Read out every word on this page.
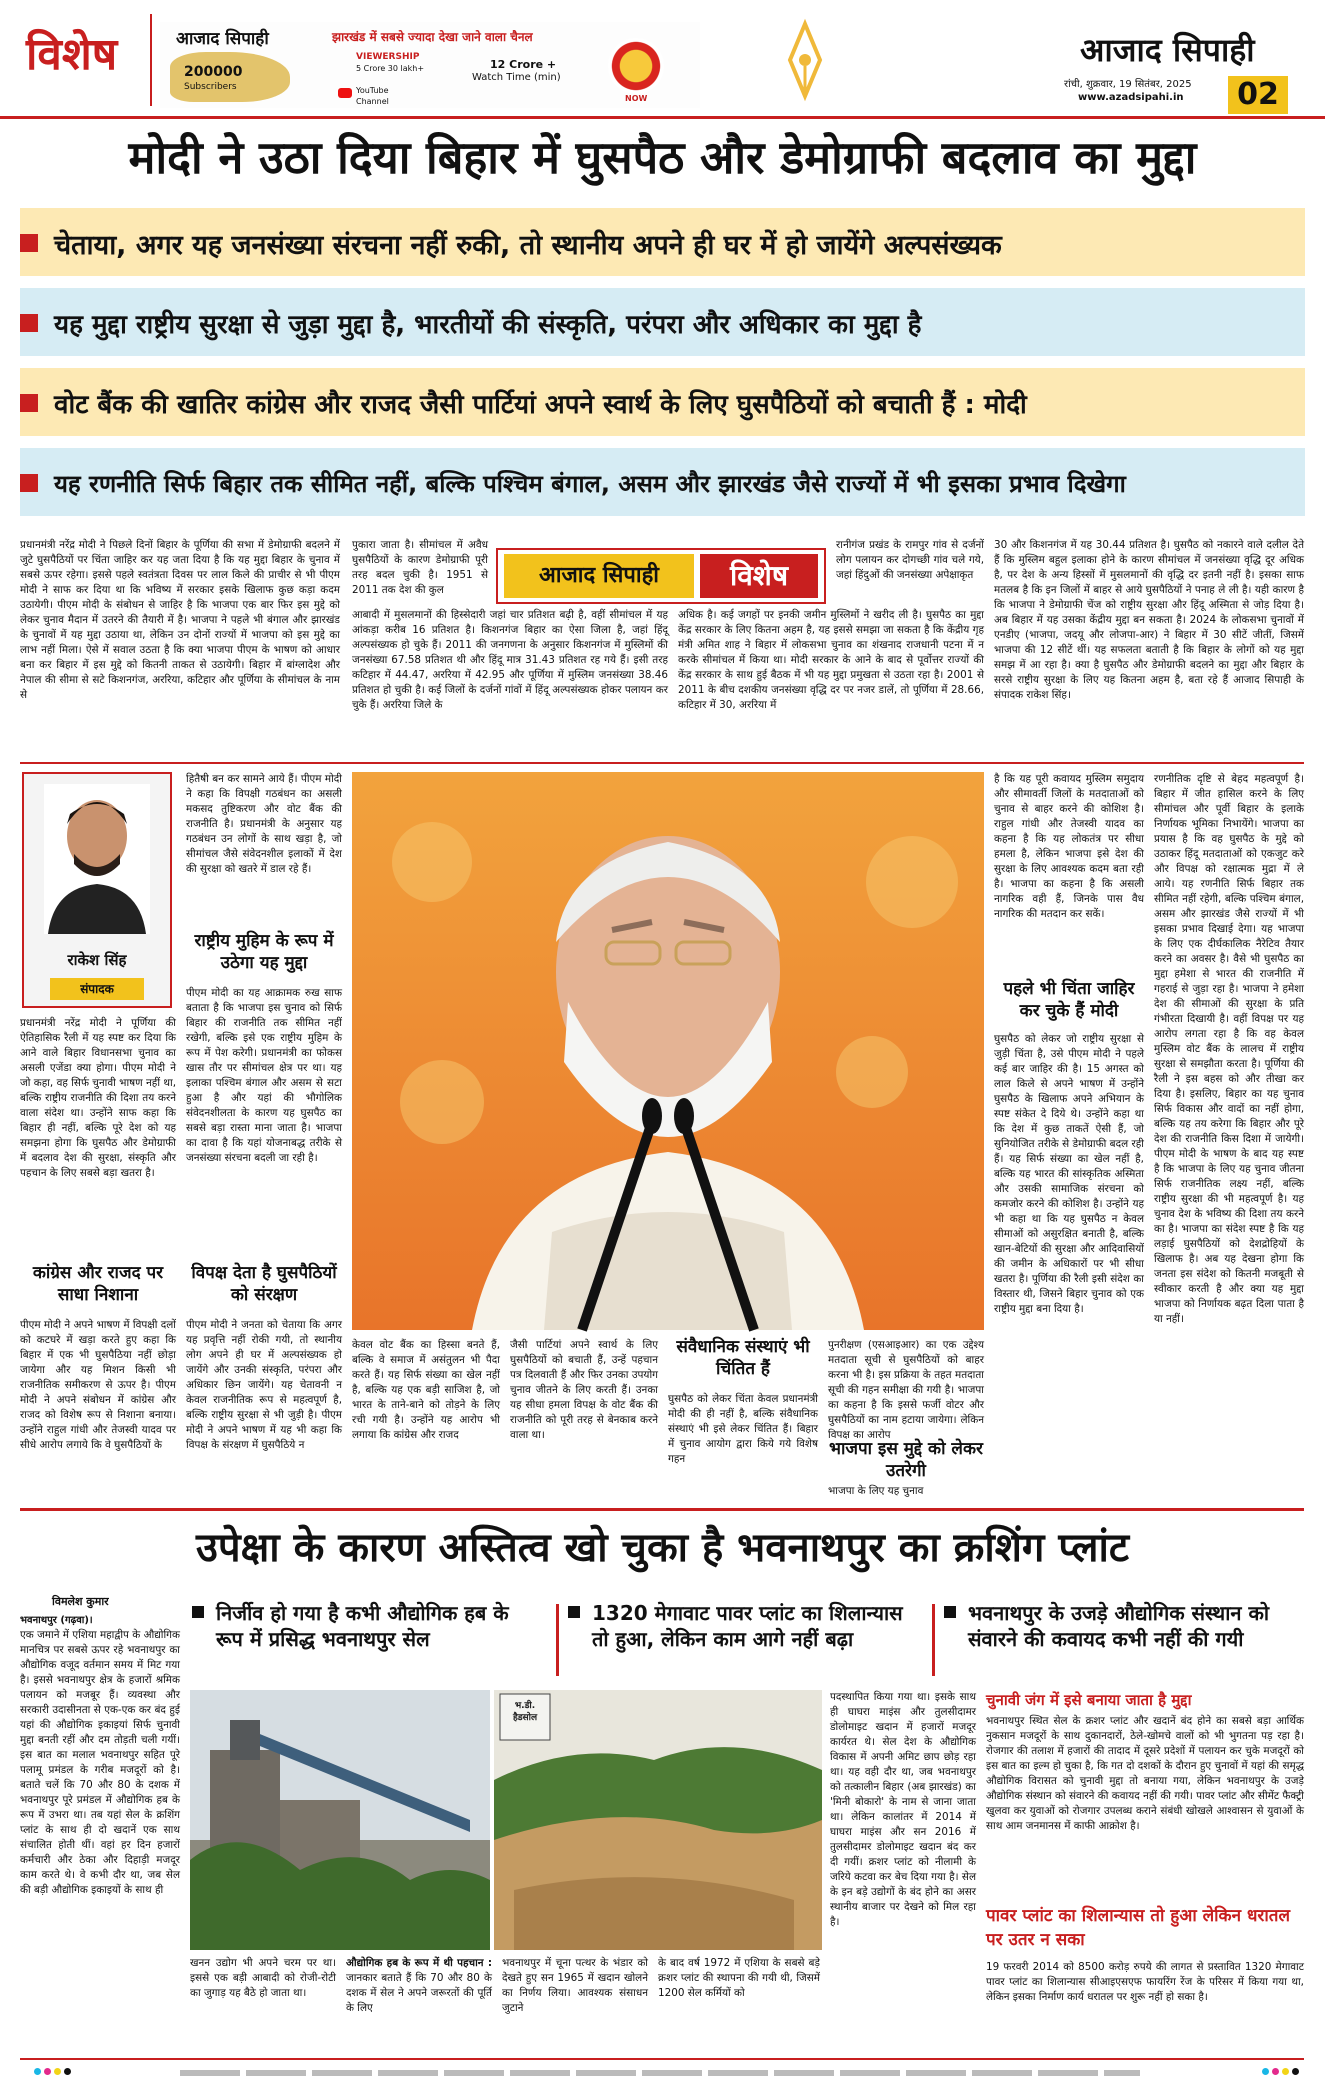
विशेष	आजाद सिपाही	झारखंड में सबसे ज्यादा देखा जाने वाला चैनल
200000
Subscribers
VIEWERSHIP
5 Crore 30 lakh+	12 Crore +
Watch Time (min)
YouTube
Channel	NOW
आजाद सिपाही
रांची, शुक्रवार, 19 सितंबर, 2025
www.azadsipahi.in	02
मोदी ने उठा दिया बिहार में घुसपैठ और डेमोग्राफी बदलाव का मुद्दा
चेताया, अगर यह जनसंख्या संरचना नहीं रुकी, तो स्थानीय अपने ही घर में हो जायेंगे अल्पसंख्यक
यह मुद्दा राष्ट्रीय सुरक्षा से जुड़ा मुद्दा है, भारतीयों की संस्कृति, परंपरा और अधिकार का मुद्दा है
वोट बैंक की खातिर कांग्रेस और राजद जैसी पार्टियां अपने स्वार्थ के लिए घुसपैठियों को बचाती हैं : मोदी
यह रणनीति सिर्फ बिहार तक सीमित नहीं, बल्कि पश्चिम बंगाल, असम और झारखंड जैसे राज्यों में भी इसका प्रभाव दिखेगा
प्रधानमंत्री नरेंद्र मोदी ने पिछले दिनों बिहार के पूर्णिया की सभा में डेमोग्राफी बदलने में जुटे घुसपैठियों पर चिंता जाहिर कर यह जता दिया है कि यह मुद्दा बिहार के चुनाव में सबसे ऊपर रहेगा। इससे पहले स्वतंत्रता दिवस पर लाल किले की प्राचीर से भी पीएम मोदी ने साफ कर दिया था कि भविष्य में सरकार इसके खिलाफ कुछ कड़ा कदम उठायेगी। पीएम मोदी के संबोधन से जाहिर है कि भाजपा एक बार फिर इस मुद्दे को लेकर चुनाव मैदान में उतरने की तैयारी में है। भाजपा ने पहले भी बंगाल और झारखंड के चुनावों में यह मुद्दा उठाया था, लेकिन उन दोनों राज्यों में भाजपा को इस मुद्दे का लाभ नहीं मिला। ऐसे में सवाल उठता है कि क्या भाजपा पीएम के भाषण को आधार बना कर बिहार में इस मुद्दे को कितनी ताकत से उठायेगी। बिहार में बांग्लादेश और नेपाल की सीमा से सटे किशनगंज, अररिया, कटिहार और पूर्णिया के सीमांचल के नाम से
पुकारा जाता है। सीमांचल में अवैध घुसपैठियों के कारण डेमोग्राफी पूरी तरह बदल चुकी है। 1951 से 2011 तक देश की कुल
आबादी में मुसलमानों की हिस्सेदारी जहां चार प्रतिशत बढ़ी है, वहीं सीमांचल में यह आंकड़ा करीब 16 प्रतिशत है। किशनगंज बिहार का ऐसा जिला है, जहां हिंदू अल्पसंख्यक हो चुके हैं। 2011 की जनगणना के अनुसार किशनगंज में मुस्लिमों की जनसंख्या 67.58 प्रतिशत थी और हिंदू मात्र 31.43 प्रतिशत रह गये हैं। इसी तरह कटिहार में 44.47, अररिया में 42.95 और पूर्णिया में मुस्लिम जनसंख्या 38.46 प्रतिशत हो चुकी है। कई जिलों के दर्जनों गांवों में हिंदू अल्पसंख्यक होकर पलायन कर चुके हैं। अररिया जिले के
आजाद सिपाही	विशेष
रानीगंज प्रखंड के रामपुर गांव से दर्जनों लोग पलायन कर दोगच्छी गांव चले गये, जहां हिंदुओं की जनसंख्या अपेक्षाकृत
अधिक है। कई जगहों पर इनकी जमीन मुस्लिमों ने खरीद ली है। घुसपैठ का मुद्दा केंद्र सरकार के लिए कितना अहम है, यह इससे समझा जा सकता है कि केंद्रीय गृह मंत्री अमित शाह ने बिहार में लोकसभा चुनाव का शंखनाद राजधानी पटना में न करके सीमांचल में किया था। मोदी सरकार के आने के बाद से पूर्वोत्तर राज्यों की केंद्र सरकार के साथ हुई बैठक में भी यह मुद्दा प्रमुखता से उठता रहा है। 2001 से 2011 के बीच दशकीय जनसंख्या वृद्धि दर पर नजर डालें, तो पूर्णिया में 28.66, कटिहार में 30, अररिया में
30 और किशनगंज में यह 30.44 प्रतिशत है। घुसपैठ को नकारने वाले दलील देते हैं कि मुस्लिम बहुल इलाका होने के कारण सीमांचल में जनसंख्या वृद्धि दूर अधिक है, पर देश के अन्य हिस्सों में मुसलमानों की वृद्धि दर इतनी नहीं है। इसका साफ मतलब है कि इन जिलों में बाहर से आये घुसपैठियों ने पनाह ले ली है। यही कारण है कि भाजपा ने डेमोग्राफी चेंज को राष्ट्रीय सुरक्षा और हिंदू अस्मिता से जोड़ दिया है। अब बिहार में यह उसका केंद्रीय मुद्दा बन सकता है। 2024 के लोकसभा चुनावों में एनडीए (भाजपा, जदयू और लोजपा-आर) ने बिहार में 30 सीटें जीतीं, जिसमें भाजपा की 12 सीटें थीं। यह सफलता बताती है कि बिहार के लोगों को यह मुद्दा समझ में आ रहा है। क्या है घुसपैठ और डेमोग्राफी बदलने का मुद्दा और बिहार के सरसे राष्ट्रीय सुरक्षा के लिए यह कितना अहम है, बता रहे हैं आजाद सिपाही के संपादक राकेश सिंह।
राकेश सिंह
संपादक
प्रधानमंत्री नरेंद्र मोदी ने पूर्णिया की ऐतिहासिक रैली में यह स्पष्ट कर दिया कि आने वाले बिहार विधानसभा चुनाव का असली एजेंडा क्या होगा। पीएम मोदी ने जो कहा, वह सिर्फ चुनावी भाषण नहीं था, बल्कि राष्ट्रीय राजनीति की दिशा तय करने वाला संदेश था। उन्होंने साफ कहा कि बिहार ही नहीं, बल्कि पूरे देश को यह समझना होगा कि घुसपैठ और डेमोग्राफी में बदलाव देश की सुरक्षा, संस्कृति और पहचान के लिए सबसे बड़ा खतरा है।
कांग्रेस और राजद पर साधा निशाना
पीएम मोदी ने अपने भाषण में विपक्षी दलों को कटघरे में खड़ा करते हुए कहा कि बिहार में एक भी घुसपैठिया नहीं छोड़ा जायेगा और यह मिशन किसी भी राजनीतिक समीकरण से ऊपर है। पीएम मोदी ने अपने संबोधन में कांग्रेस और राजद को विशेष रूप से निशाना बनाया। उन्होंने राहुल गांधी और तेजस्वी यादव पर सीधे आरोप लगाये कि वे घुसपैठियों के
हितैषी बन कर सामने आये हैं। पीएम मोदी ने कहा कि विपक्षी गठबंधन का असली मकसद तुष्टिकरण और वोट बैंक की राजनीति है। प्रधानमंत्री के अनुसार यह गठबंधन उन लोगों के साथ खड़ा है, जो सीमांचल जैसे संवेदनशील इलाकों में देश की सुरक्षा को खतरे में डाल रहे हैं।
राष्ट्रीय मुहिम के रूप में उठेगा यह मुद्दा
पीएम मोदी का यह आक्रामक रुख साफ बताता है कि भाजपा इस चुनाव को सिर्फ बिहार की राजनीति तक सीमित नहीं रखेगी, बल्कि इसे एक राष्ट्रीय मुहिम के रूप में पेश करेगी। प्रधानमंत्री का फोकस खास तौर पर सीमांचल क्षेत्र पर था। यह इलाका पश्चिम बंगाल और असम से सटा हुआ है और यहां की भौगोलिक संवेदनशीलता के कारण यह घुसपैठ का सबसे बड़ा रास्ता माना जाता है। भाजपा का दावा है कि यहां योजनाबद्ध तरीके से जनसंख्या संरचना बदली जा रही है।
विपक्ष देता है घुसपैठियों को संरक्षण
पीएम मोदी ने जनता को चेताया कि अगर यह प्रवृत्ति नहीं रोकी गयी, तो स्थानीय लोग अपने ही घर में अल्पसंख्यक हो जायेंगे और उनकी संस्कृति, परंपरा और अधिकार छिन जायेंगे। यह चेतावनी न केवल राजनीतिक रूप से महत्वपूर्ण है, बल्कि राष्ट्रीय सुरक्षा से भी जुड़ी है। पीएम मोदी ने अपने भाषण में यह भी कहा कि विपक्ष के संरक्षण में घुसपैठिये न
केवल वोट बैंक का हिस्सा बनते हैं, बल्कि वे समाज में असंतुलन भी पैदा करते हैं। यह सिर्फ संख्या का खेल नहीं है, बल्कि यह एक बड़ी साजिश है, जो भारत के ताने-बाने को तोड़ने के लिए रची गयी है। उन्होंने यह आरोप भी लगाया कि कांग्रेस और राजद
जैसी पार्टियां अपने स्वार्थ के लिए घुसपैठियों को बचाती हैं, उन्हें पहचान पत्र दिलवाती हैं और फिर उनका उपयोग चुनाव जीतने के लिए करती हैं। उनका यह सीधा हमला विपक्ष के वोट बैंक की राजनीति को पूरी तरह से बेनकाब करने वाला था।
संवैधानिक संस्थाएं भी चिंतित हैं
घुसपैठ को लेकर चिंता केवल प्रधानमंत्री मोदी की ही नहीं है, बल्कि संवैधानिक संस्थाएं भी इसे लेकर चिंतित हैं। बिहार में चुनाव आयोग द्वारा किये गये विशेष गहन
पुनरीक्षण (एसआइआर) का एक उद्देश्य मतदाता सूची से घुसपैठियों को बाहर करना भी है। इस प्रक्रिया के तहत मतदाता सूची की गहन समीक्षा की गयी है। भाजपा का कहना है कि इससे फर्जी वोटर और घुसपैठियों का नाम हटाया जायेगा। लेकिन विपक्ष का आरोप
भाजपा इस मुद्दे को लेकर उतरेगी
भाजपा के लिए यह चुनाव
है कि यह पूरी कवायद मुस्लिम समुदाय और सीमावर्ती जिलों के मतदाताओं को चुनाव से बाहर करने की कोशिश है। राहुल गांधी और तेजस्वी यादव का कहना है कि यह लोकतंत्र पर सीधा हमला है, लेकिन भाजपा इसे देश की सुरक्षा के लिए आवश्यक कदम बता रही है। भाजपा का कहना है कि असली नागरिक वही हैं, जिनके पास वैध नागरिक की मतदान कर सकें।
पहले भी चिंता जाहिर कर चुके हैं मोदी
घुसपैठ को लेकर जो राष्ट्रीय सुरक्षा से जुड़ी चिंता है, उसे पीएम मोदी ने पहले कई बार जाहिर की है। 15 अगस्त को लाल किले से अपने भाषण में उन्होंने घुसपैठ के खिलाफ अपने अभियान के स्पष्ट संकेत दे दिये थे। उन्होंने कहा था कि देश में कुछ ताकतें ऐसी हैं, जो सुनियोजित तरीके से डेमोग्राफी बदल रही हैं। यह सिर्फ संख्या का खेल नहीं है, बल्कि यह भारत की सांस्कृतिक अस्मिता और उसकी सामाजिक संरचना को कमजोर करने की कोशिश है। उन्होंने यह भी कहा था कि यह घुसपैठ न केवल सीमाओं को असुरक्षित बनाती है, बल्कि खान-बेटियों की सुरक्षा और आदिवासियों की जमीन के अधिकारों पर भी सीधा खतरा है। पूर्णिया की रैली इसी संदेश का विस्तार थी, जिसने बिहार चुनाव को एक राष्ट्रीय मुद्दा बना दिया है।
रणनीतिक दृष्टि से बेहद महत्वपूर्ण है। बिहार में जीत हासिल करने के लिए सीमांचल और पूर्वी बिहार के इलाके निर्णायक भूमिका निभायेंगे। भाजपा का प्रयास है कि वह घुसपैठ के मुद्दे को उठाकर हिंदू मतदाताओं को एकजुट करे और विपक्ष को रक्षात्मक मुद्रा में ले आये। यह रणनीति सिर्फ बिहार तक सीमित नहीं रहेगी, बल्कि पश्चिम बंगाल, असम और झारखंड जैसे राज्यों में भी इसका प्रभाव दिखाई देगा। यह भाजपा के लिए एक दीर्घकालिक नैरेटिव तैयार करने का अवसर है। वैसे भी घुसपैठ का मुद्दा हमेशा से भारत की राजनीति में गहराई से जुड़ा रहा है। भाजपा ने हमेशा देश की सीमाओं की सुरक्षा के प्रति गंभीरता दिखायी है। वहीं विपक्ष पर यह आरोप लगता रहा है कि वह केवल मुस्लिम वोट बैंक के लालच में राष्ट्रीय सुरक्षा से समझौता करता है। पूर्णिया की रैली ने इस बहस को और तीखा कर दिया है। इसलिए, बिहार का यह चुनाव सिर्फ विकास और वादों का नहीं होगा, बल्कि यह तय करेगा कि बिहार और पूरे देश की राजनीति किस दिशा में जायेगी। पीएम मोदी के भाषण के बाद यह स्पष्ट है कि भाजपा के लिए यह चुनाव जीतना सिर्फ राजनीतिक लक्ष्य नहीं, बल्कि राष्ट्रीय सुरक्षा की भी महत्वपूर्ण है। यह चुनाव देश के भविष्य की दिशा तय करने का है। भाजपा का संदेश स्पष्ट है कि यह लड़ाई घुसपैठियों को देशद्रोहियों के खिलाफ है। अब यह देखना होगा कि जनता इस संदेश को कितनी मजबूती से स्वीकार करती है और क्या यह मुद्दा भाजपा को निर्णायक बढ़त दिला पाता है या नहीं।
उपेक्षा के कारण अस्तित्व खो चुका है भवनाथपुर का क्रशिंग प्लांट
विमलेश कुमार	निर्जीव हो गया है कभी औद्योगिक हब के रूप में प्रसिद्ध भवनाथपुर सेल
1320 मेगावाट पावर प्लांट का शिलान्यास तो हुआ, लेकिन काम आगे नहीं बढ़ा
भवनाथपुर के उजड़े औद्योगिक संस्थान को संवारने की कवायद कभी नहीं की गयी
भवनाथपुर (गढ़वा)।
एक जमाने में एशिया महाद्वीप के औद्योगिक मानचित्र पर सबसे ऊपर रहे भवनाथपुर का औद्योगिक वजूद वर्तमान समय में मिट गया है। इससे भवनाथपुर क्षेत्र के हजारों श्रमिक पलायन को मजबूर हैं। व्यवस्था और सरकारी उदासीनता से एक-एक कर बंद हुई यहां की औद्योगिक इकाइयां सिर्फ चुनावी मुद्दा बनती रहीं और दम तोड़ती चली गयीं। इस बात का मलाल भवनाथपुर सहित पूरे पलामू प्रमंडल के गरीब मजदूरों को है। बताते चलें कि 70 और 80 के दशक में भवनाथपुर पूरे प्रमंडल में औद्योगिक हब के रूप में उभरा था। तब यहां सेल के क्रशिंग प्लांट के साथ ही दो खदानें एक साथ संचालित होती थीं। वहां हर दिन हजारों कर्मचारी और ठेका और दिहाड़ी मजदूर काम करते थे। वे कभी दौर था, जब सेल की बड़ी औद्योगिक इकाइयों के साथ ही
भ.डी. हैडसोल
खनन उद्योग भी अपने चरम पर था। इससे एक बड़ी आबादी को रोजी-रोटी का जुगाड़ यह बैठे हो जाता था।
औद्योगिक हब के रूप में थी पहचान : जानकार बताते हैं कि 70 और 80 के दशक में सेल ने अपने जरूरतों की पूर्ति के लिए
भवनाथपुर में चूना पत्थर के भंडार को देखते हुए सन 1965 में खदान खोलने का निर्णय लिया। आवश्यक संसाधन जुटाने
के बाद वर्ष 1972 में एशिया के सबसे बड़े क्रशर प्लांट की स्थापना की गयी थी, जिसमें 1200 सेल कर्मियों को
पदस्थापित किया गया था। इसके साथ ही घाघरा माइंस और तुलसीदामर डोलोमाइट खदान में हजारों मजदूर कार्यरत थे। सेल देश के औद्योगिक विकास में अपनी अमिट छाप छोड़ रहा था। यह वही दौर था, जब भवनाथपुर को तत्कालीन बिहार (अब झारखंड) का 'मिनी बोकारो' के नाम से जाना जाता था। लेकिन कालांतर में 2014 में घाघरा माइंस और सन 2016 में तुलसीदामर डोलोमाइट खदान बंद कर दी गयीं। क्रशर प्लांट को नीलामी के जरिये कटवा कर बेच दिया गया है। सेल के इन बड़े उद्योगों के बंद होने का असर स्थानीय बाजार पर देखने को मिल रहा है।
चुनावी जंग में इसे बनाया जाता है मुद्दा
भवनाथपुर स्थित सेल के क्रशर प्लांट और खदानें बंद होने का सबसे बड़ा आर्थिक नुकसान मजदूरों के साथ दुकानदारों, ठेले-खोमचे वालों को भी भुगतना पड़ रहा है। रोजगार की तलाश में हजारों की तादाद में दूसरे प्रदेशों में पलायन कर चुके मजदूरों को इस बात का इल्म हो चुका है, कि गत दो दशकों के दौरान हुए चुनावों में यहां की समृद्ध औद्योगिक विरासत को चुनावी मुद्दा तो बनाया गया, लेकिन भवनाथपुर के उजड़े औद्योगिक संस्थान को संवारने की कवायद नहीं की गयी। पावर प्लांट और सीमेंट फैक्ट्री खुलवा कर युवाओं को रोजगार उपलब्ध कराने संबंधी खोखले आश्वासन से युवाओं के साथ आम जनमानस में काफी आक्रोश है।
पावर प्लांट का शिलान्यास तो हुआ लेकिन धरातल पर उतर न सका
19 फरवरी 2014 को 8500 करोड़ रुपये की लागत से प्रस्तावित 1320 मेगावाट पावर प्लांट का शिलान्यास सीआइएसएफ फायरिंग रेंज के परिसर में किया गया था, लेकिन इसका निर्माण कार्य धरातल पर शुरू नहीं हो सका है।
